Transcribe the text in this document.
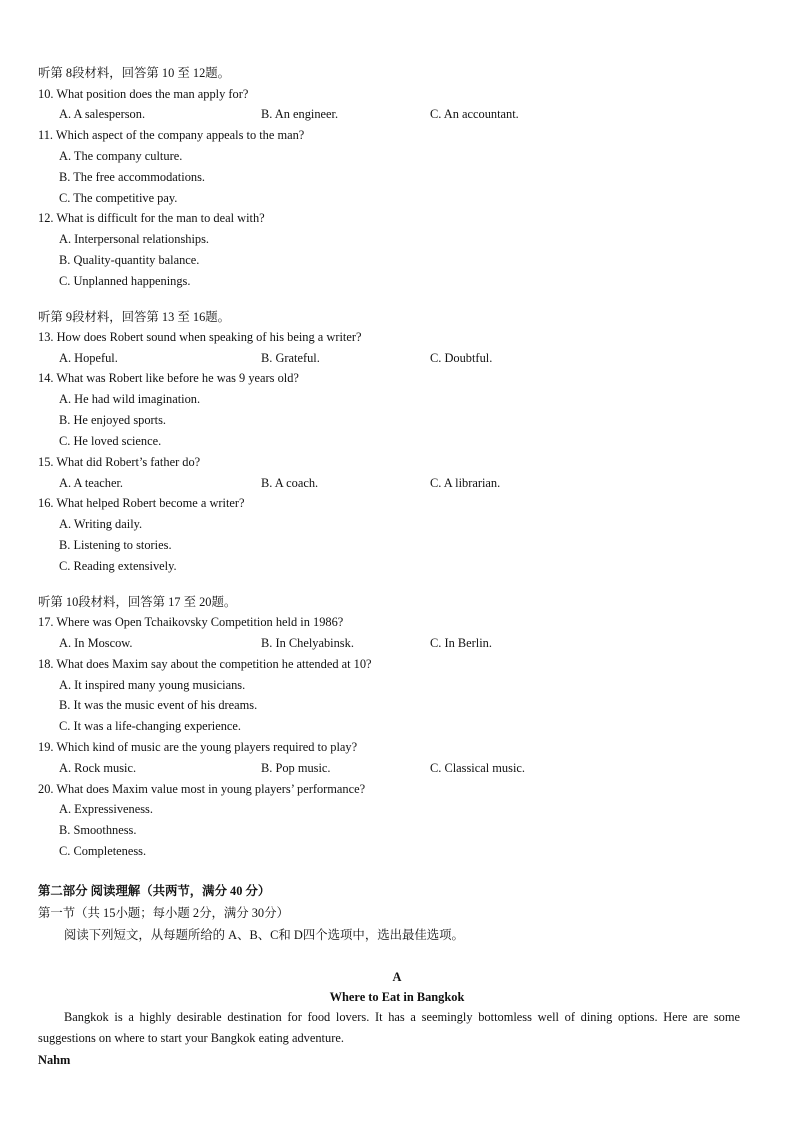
听第 8段材料，回答第 10 至 12题。
10. What position does the man apply for?
A. A salesperson.	B. An engineer.	C. An accountant.
11. Which aspect of the company appeals to the man?
A. The company culture.
B. The free accommodations.
C. The competitive pay.
12. What is difficult for the man to deal with?
A. Interpersonal relationships.
B. Quality-quantity balance.
C. Unplanned happenings.
听第 9段材料，回答第 13 至 16题。
13. How does Robert sound when speaking of his being a writer?
A. Hopeful.	B. Grateful.	C. Doubtful.
14. What was Robert like before he was 9 years old?
A. He had wild imagination.
B. He enjoyed sports.
C. He loved science.
15. What did Robert’s father do?
A. A teacher.	B. A coach.	C. A librarian.
16. What helped Robert become a writer?
A. Writing daily.
B. Listening to stories.
C. Reading extensively.
听第 10段材料，回答第 17 至 20题。
17. Where was Open Tchaikovsky Competition held in 1986?
A. In Moscow.	B. In Chelyabinsk.	C. In Berlin.
18. What does Maxim say about the competition he attended at 10?
A. It inspired many young musicians.
B. It was the music event of his dreams.
C. It was a life-changing experience.
19. Which kind of music are the young players required to play?
A. Rock music.	B. Pop music.	C. Classical music.
20. What does Maxim value most in young players’ performance?
A. Expressiveness.
B. Smoothness.
C. Completeness.
第二部分 阅读理解（共两节，满分 40 分）
第一节（共 15小题；每小题 2分，满分 30分）
阅读下列短文，从每题所给的 A、B、C和 D四个选项中，选出最佳选项。
A
Where to Eat in Bangkok
Bangkok is a highly desirable destination for food lovers. It has a seemingly bottomless well of dining options. Here are some suggestions on where to start your Bangkok eating adventure.
Nahm
